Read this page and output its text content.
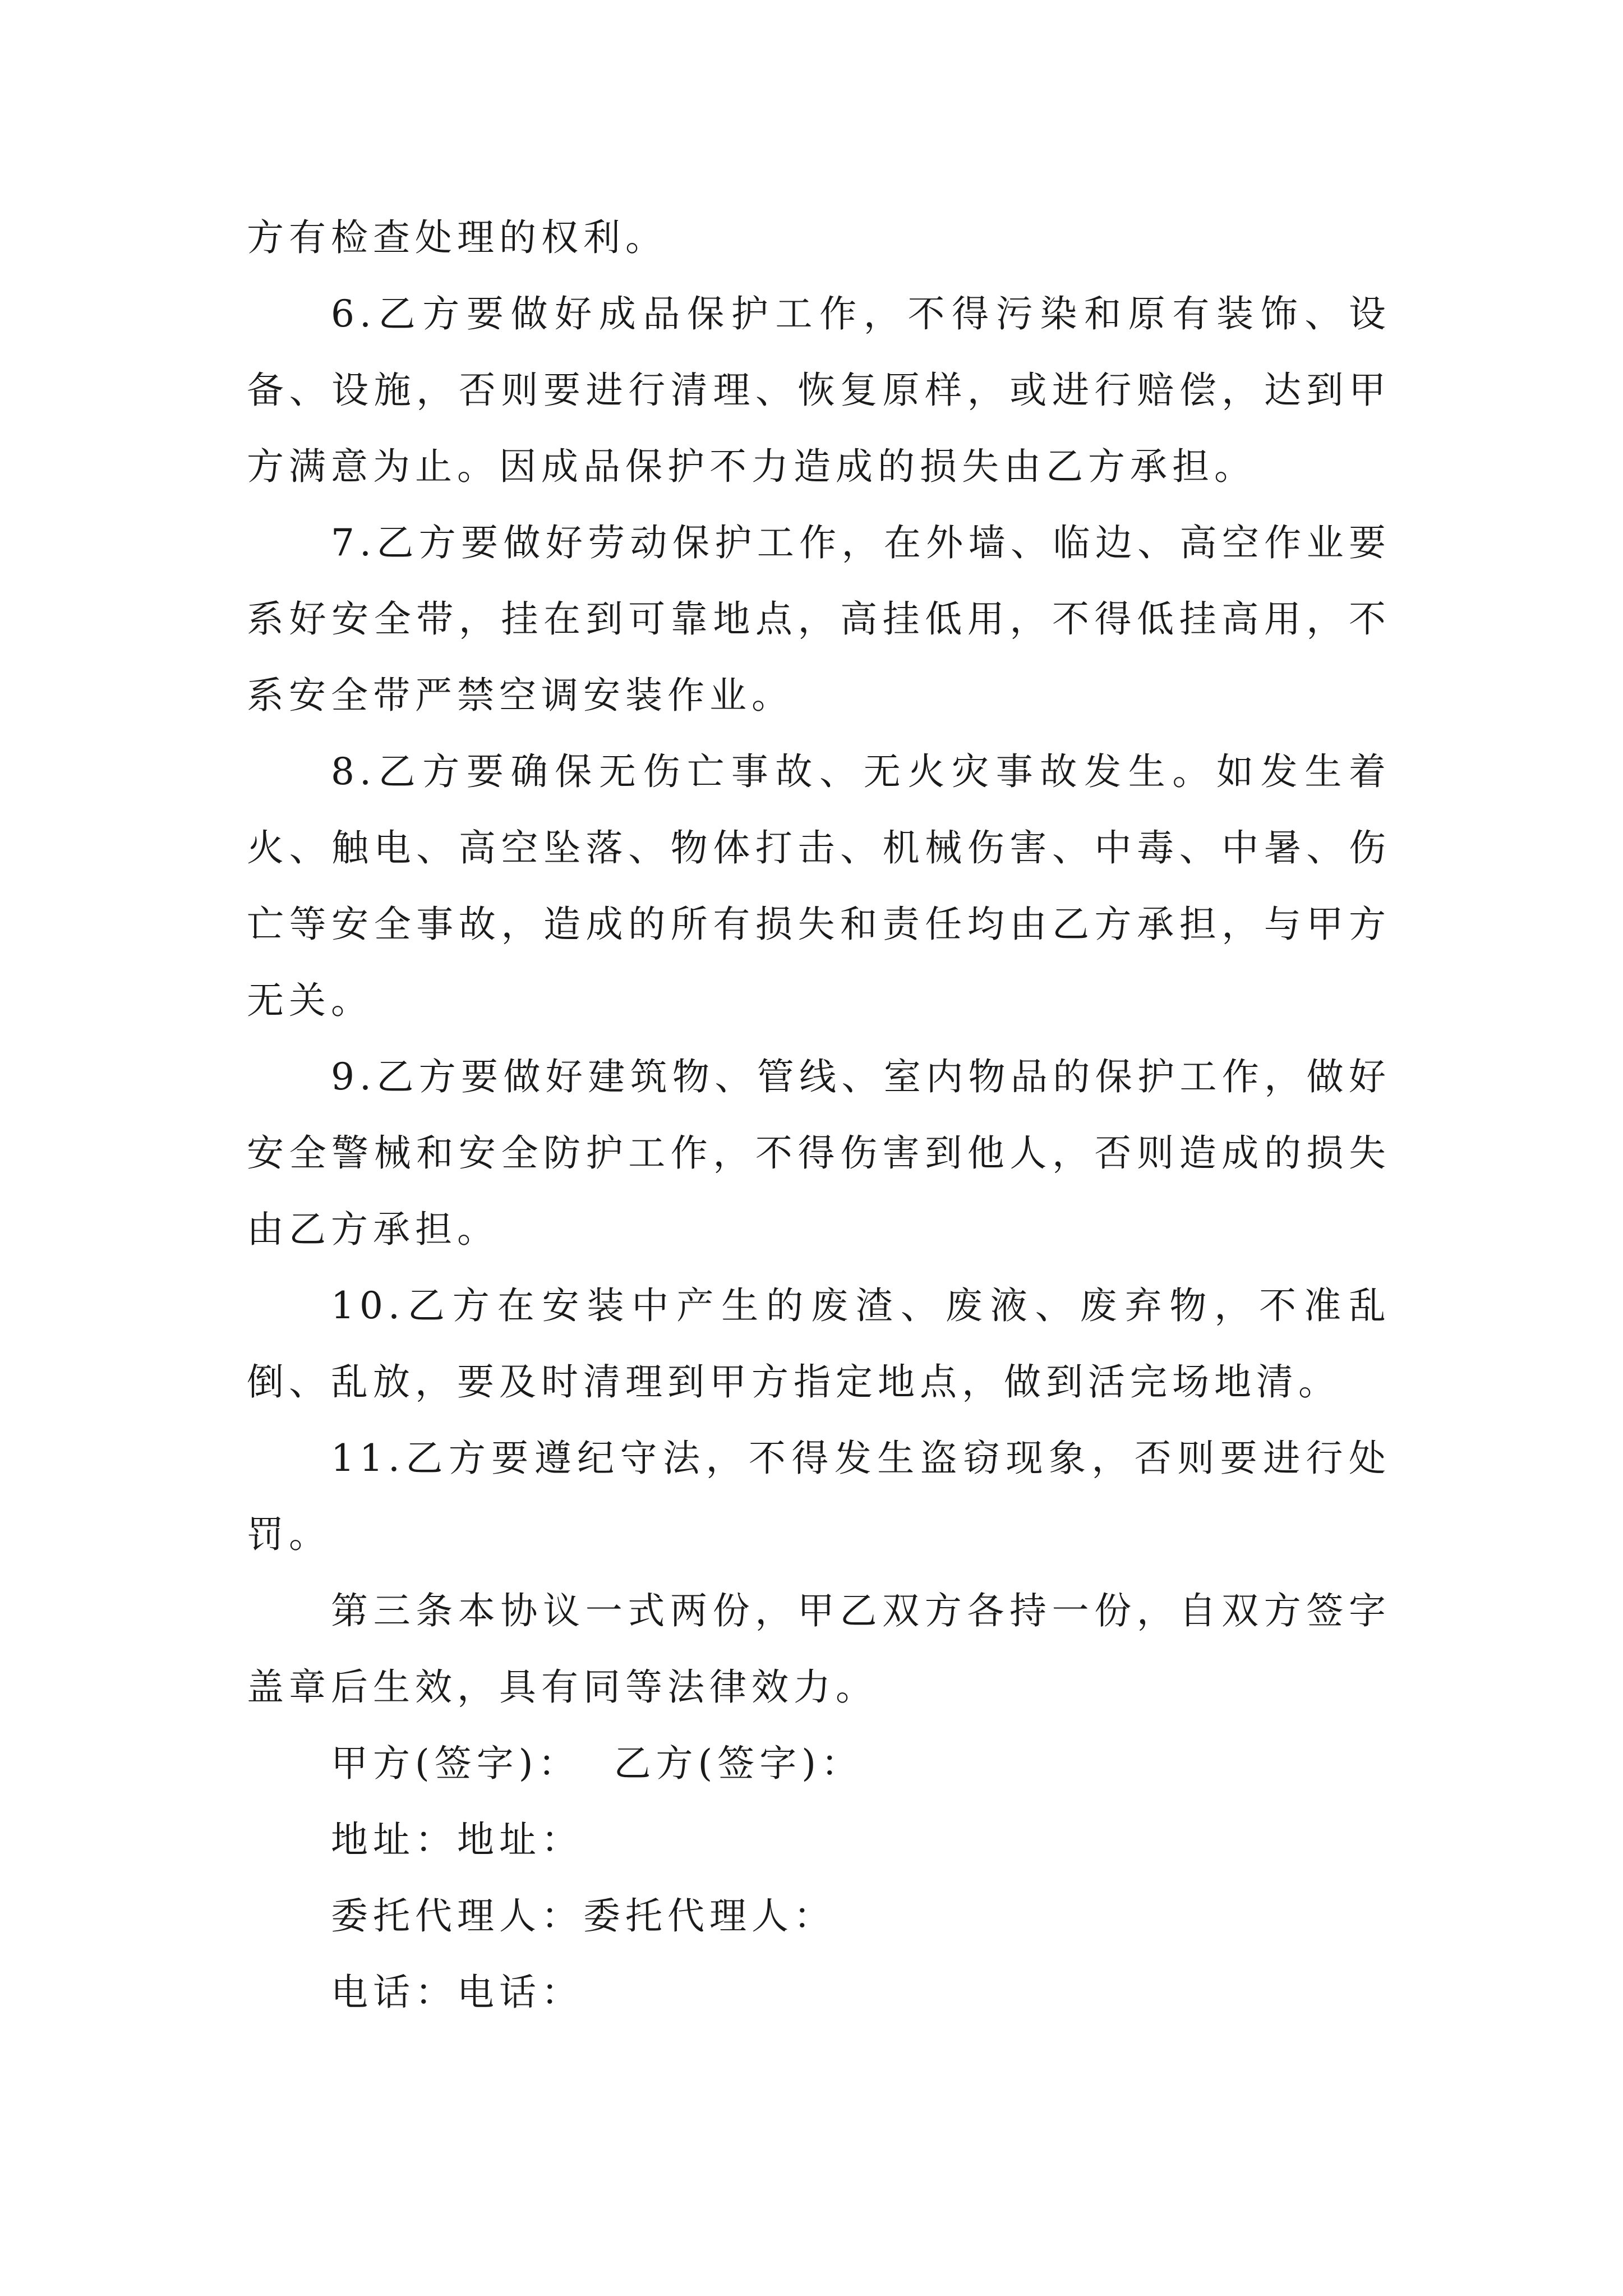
方有检查处理的权利。

6.乙方要做好成品保护工作，不得污染和原有装饰、设备、设施，否则要进行清理、恢复原样，或进行赔偿，达到甲方满意为止。因成品保护不力造成的损失由乙方承担。

7.乙方要做好劳动保护工作，在外墙、临边、高空作业要系好安全带，挂在到可靠地点，高挂低用，不得低挂高用，不系安全带严禁空调安装作业。

8.乙方要确保无伤亡事故、无火灾事故发生。如发生着火、触电、高空坠落、物体打击、机械伤害、中毒、中暑、伤亡等安全事故，造成的所有损失和责任均由乙方承担，与甲方无关。

9.乙方要做好建筑物、管线、室内物品的保护工作，做好安全警械和安全防护工作，不得伤害到他人，否则造成的损失由乙方承担。

10.乙方在安装中产生的废渣、废液、废弃物，不准乱倒、乱放，要及时清理到甲方指定地点，做到活完场地清。

11.乙方要遵纪守法，不得发生盗窃现象，否则要进行处罚。

第三条本协议一式两份，甲乙双方各持一份，自双方签字盖章后生效，具有同等法律效力。

甲方(签字)：  乙方(签字)：

地址：地址：

委托代理人：委托代理人：

电话：电话：
